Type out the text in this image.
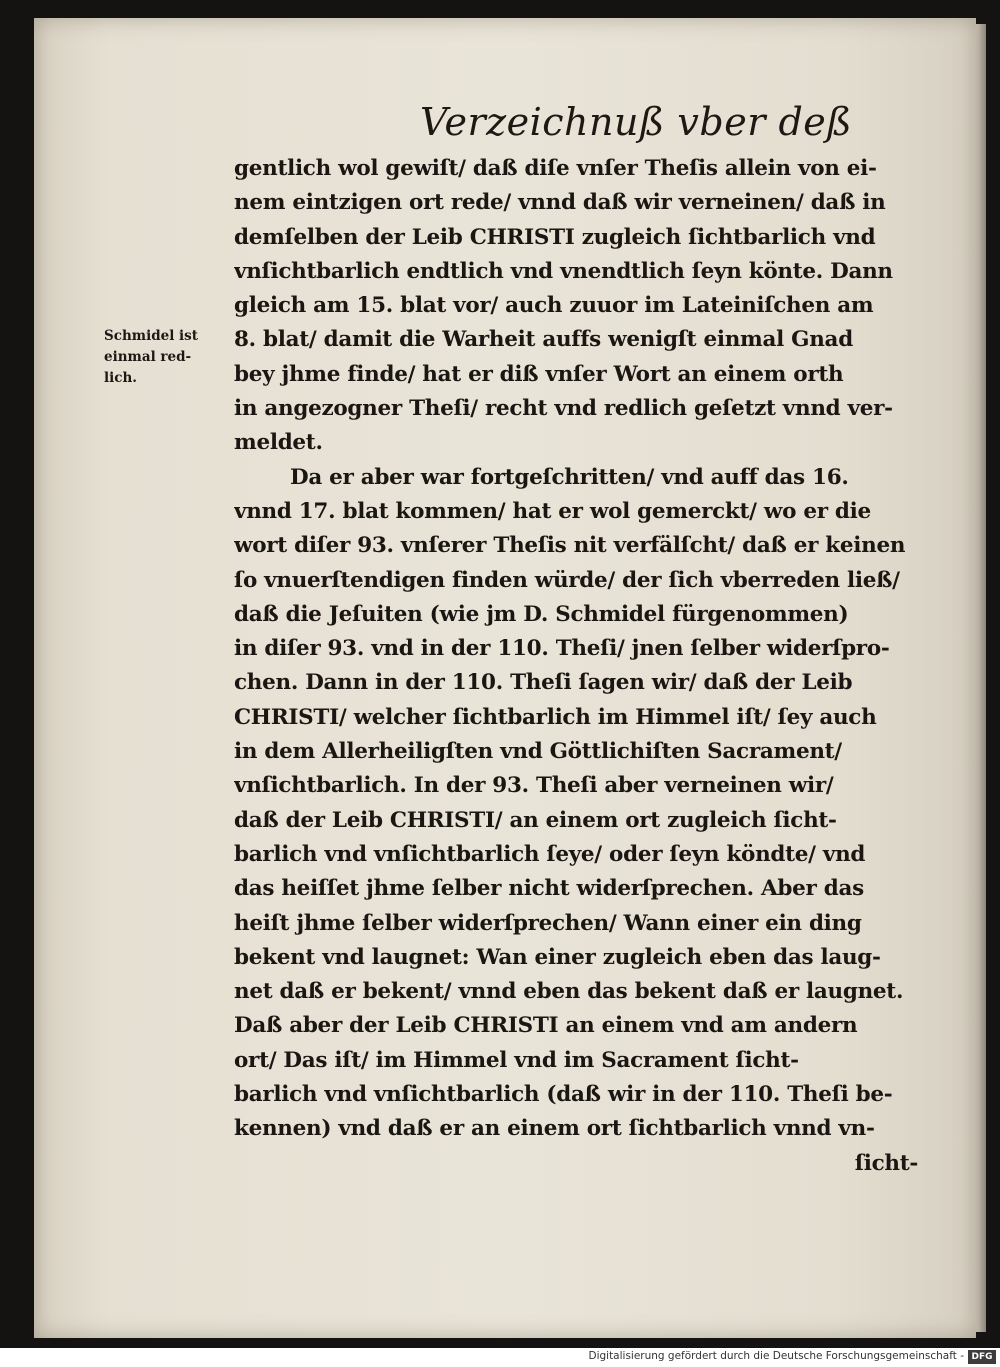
Verzeichnuß vber deß
Schmidel ist
einmal red-
lich.
gentlich wol gewiſt/ daß diſe vnſer Theſis allein von ei-
nem eintzigen ort rede/ vnnd daß wir verneinen/ daß in
demſelben der Leib CHRISTI zugleich ſichtbarlich vnd
vnſichtbarlich endtlich vnd vnendtlich ſeyn könte. Dann
gleich am 15. blat vor/ auch zuuor im Lateiniſchen am
8. blat/ damit die Warheit auffs wenigſt einmal Gnad
bey jhme finde/ hat er diß vnſer Wort an einem orth
in angezogner Theſi/ recht vnd redlich geſetzt vnnd ver-
meldet.
Da er aber war fortgeſchritten/ vnd auff das 16.
vnnd 17. blat kommen/ hat er wol gemerckt/ wo er die
wort diſer 93. vnſerer Theſis nit verfälſcht/ daß er keinen
ſo vnuerſtendigen finden würde/ der ſich vberreden ließ/
daß die Jeſuiten (wie jm D. Schmidel fürgenommen)
in diſer 93. vnd in der 110. Theſi/ jnen ſelber widerſpro-
chen. Dann in der 110. Theſi ſagen wir/ daß der Leib
CHRISTI/ welcher ſichtbarlich im Himmel iſt/ ſey auch
in dem Allerheiligſten vnd Göttlichiſten Sacrament/
vnſichtbarlich. In der 93. Theſi aber verneinen wir/
daß der Leib CHRISTI/ an einem ort zugleich ſicht-
barlich vnd vnſichtbarlich ſeye/ oder ſeyn köndte/ vnd
das heiſſet jhme ſelber nicht widerſprechen. Aber das
heiſt jhme ſelber widerſprechen/ Wann einer ein ding
bekent vnd laugnet: Wan einer zugleich eben das laug-
net daß er bekent/ vnnd eben das bekent daß er laugnet.
Daß aber der Leib CHRISTI an einem vnd am andern
ort/ Das iſt/ im Himmel vnd im Sacrament ſicht-
barlich vnd vnſichtbarlich (daß wir in der 110. Theſi be-
kennen) vnd daß er an einem ort ſichtbarlich vnnd vn-
ſicht-
Digitalisierung gefördert durch die Deutsche Forschungsgemeinschaft - DFG
